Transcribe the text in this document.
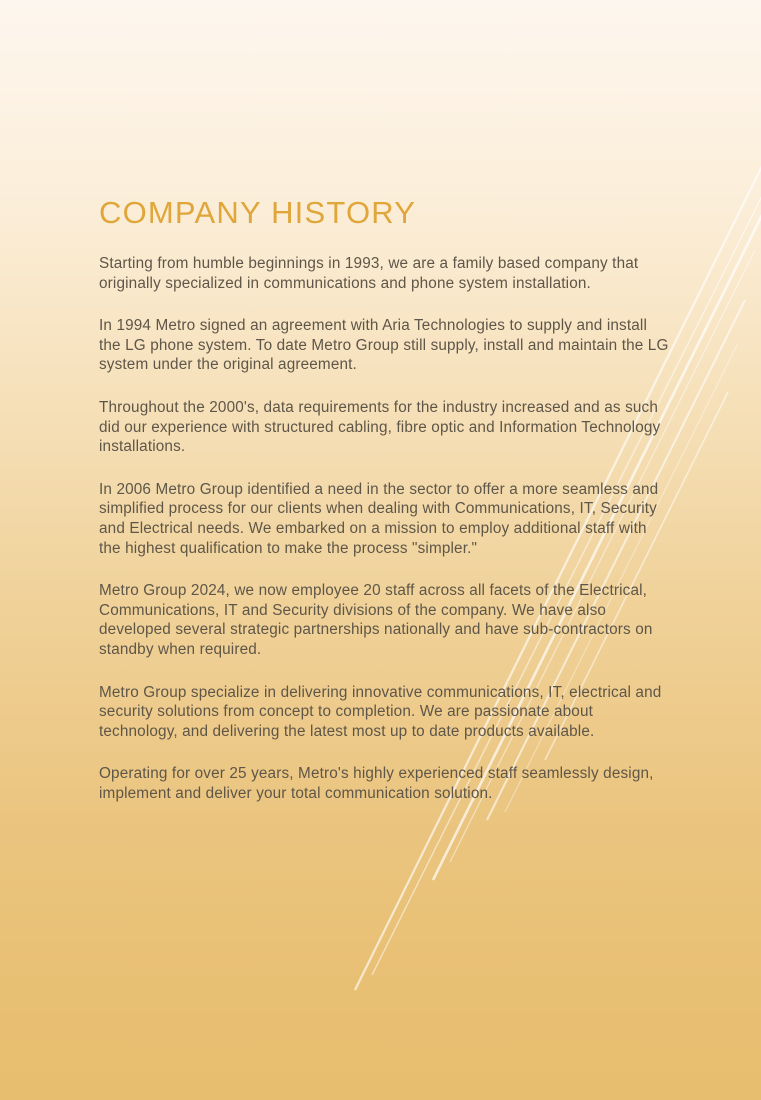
COMPANY HISTORY

Starting from humble beginnings in 1993, we are a family based company that originally specialized in communications and phone system installation.

In 1994 Metro signed an agreement with Aria Technologies to supply and install the LG phone system. To date Metro Group still supply, install and maintain the LG system under the original agreement.

Throughout the 2000's, data requirements for the industry increased and as such did our experience with structured cabling, fibre optic and Information Technology installations.

In 2006 Metro Group identified a need in the sector to offer a more seamless and simplified process for our clients when dealing with Communications, IT, Security and Electrical needs. We embarked on a mission to employ additional staff with the highest qualification to make the process "simpler."

Metro Group 2024, we now employee 20 staff across all facets of the Electrical, Communications, IT and Security divisions of the company. We have also developed several strategic partnerships nationally and have sub-contractors on standby when required.

Metro Group specialize in delivering innovative communications, IT, electrical and security solutions from concept to completion. We are passionate about technology, and delivering the latest most up to date products available.

Operating for over 25 years, Metro's highly experienced staff seamlessly design, implement and deliver your total communication solution.
